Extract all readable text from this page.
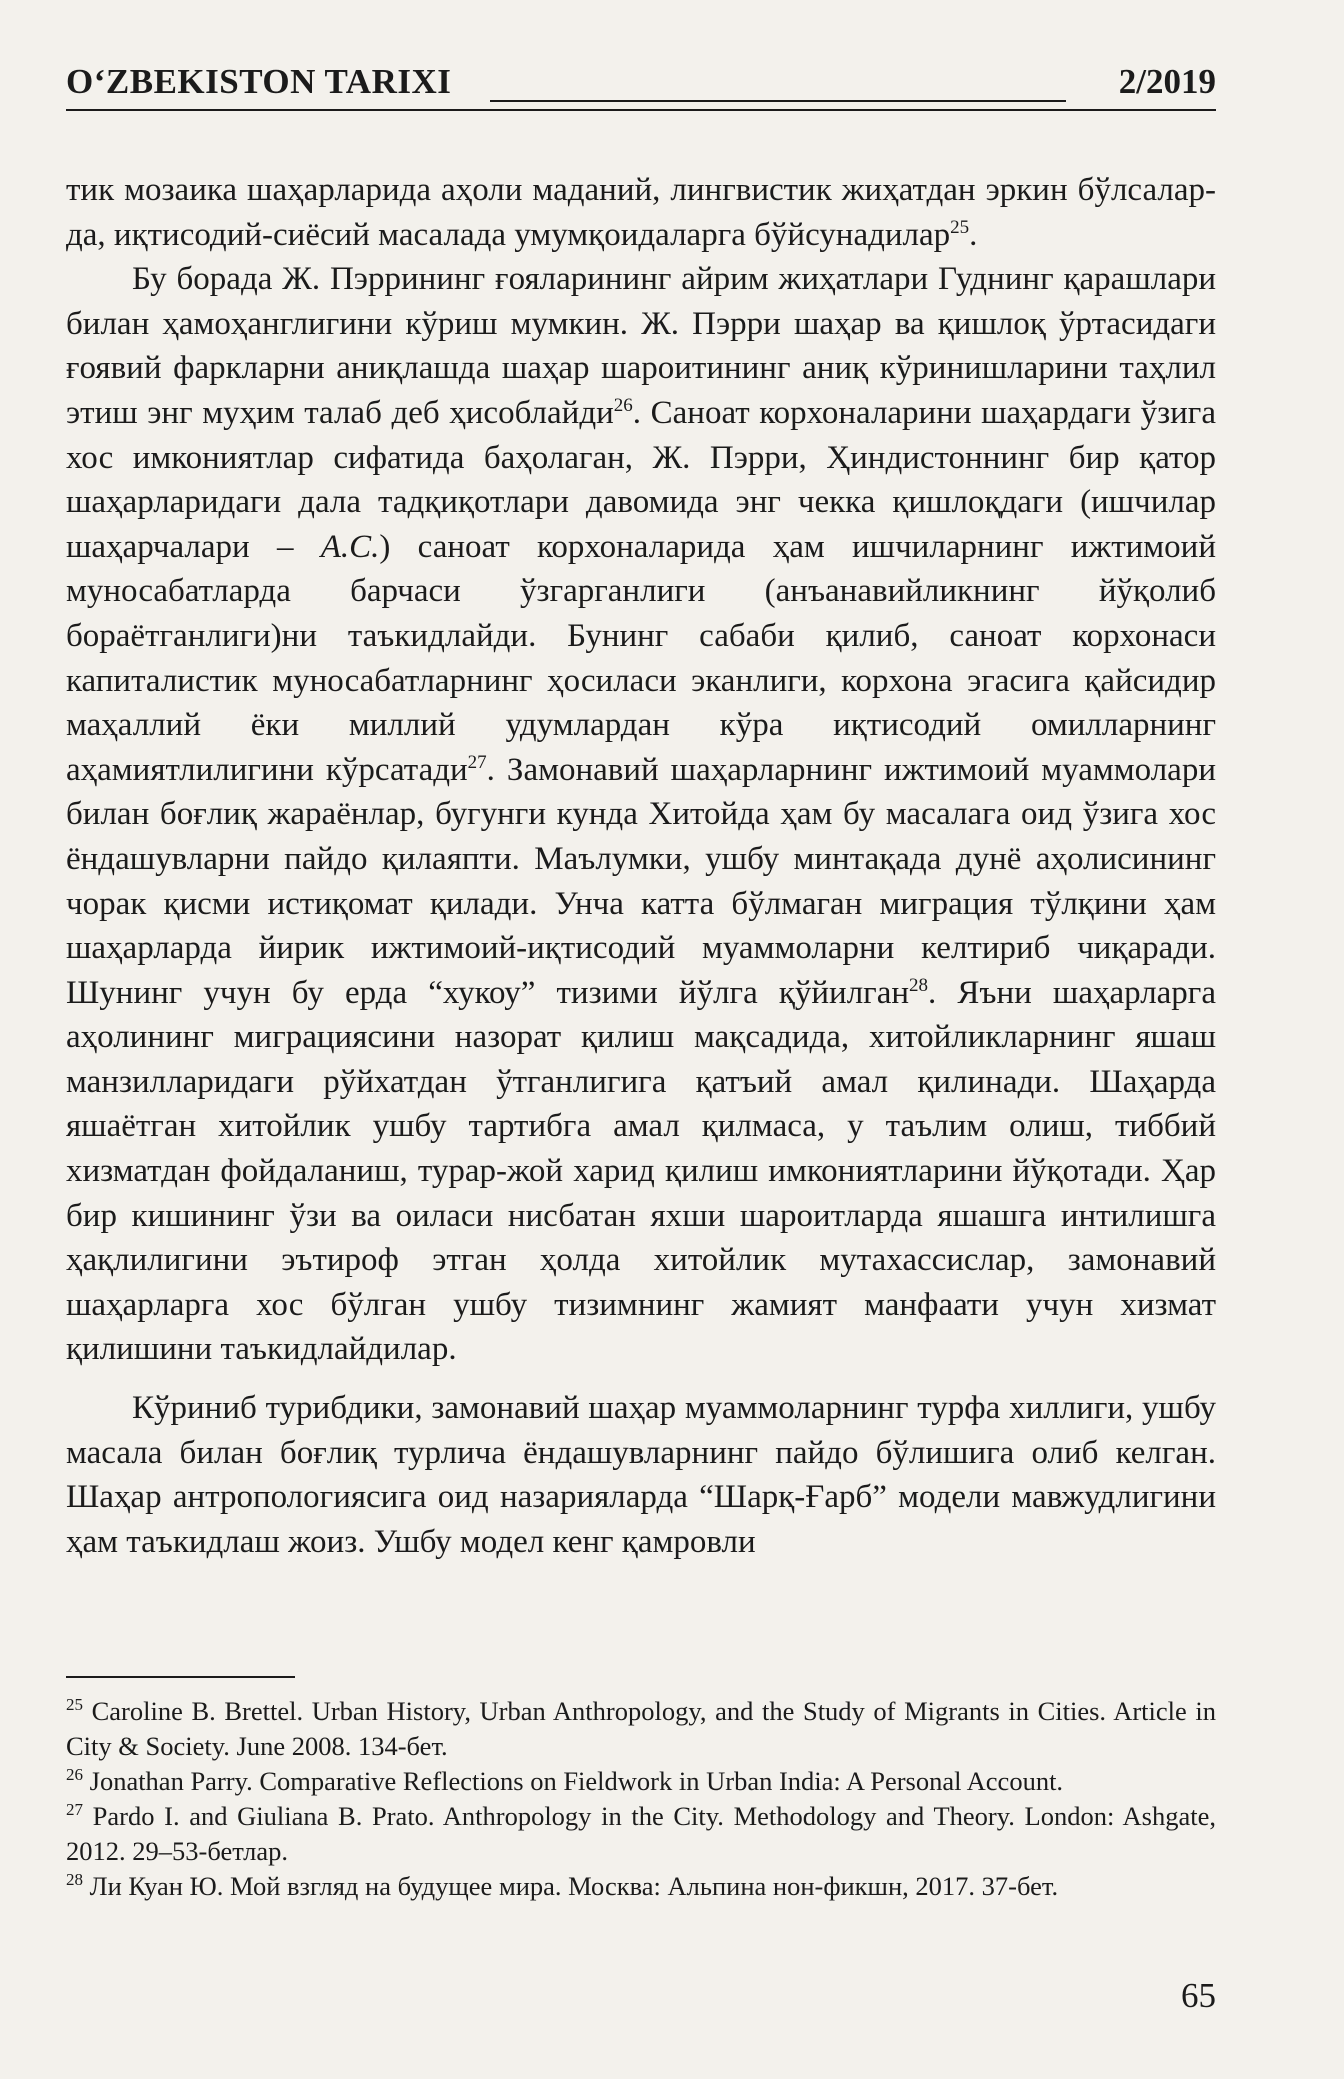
O‘ZBEKISTON TARIXI	2/2019

тик мозаика шаҳарларида аҳоли маданий, лингвистик жиҳатдан эркин бўлсалар-да, иқтисодий-сиёсий масалада умумқоидаларга бўйсунадилар$^{25}$.

Бу борада Ж. Пэррининг ғояларининг айрим жиҳатлари Гуднинг қарашлари билан ҳамоҳанглигини кўриш мумкин. Ж. Пэрри шаҳар ва қишлоқ ўртасидаги ғоявий фаркларни аниқлашда шаҳар шароитининг аниқ кўринишларини таҳлил этиш энг муҳим талаб деб ҳисоблайди$^{26}$. Саноат корхоналарини шаҳардаги ўзига хос имкониятлар сифатида баҳолаган, Ж. Пэрри, Ҳиндистоннинг бир қатор шаҳарларидаги дала тадқиқотлари давомида энг чекка қишлоқдаги (ишчилар шаҳарчалари – А.С.) саноат корхоналарида ҳам ишчиларнинг ижтимоий муносабатларда барчаси ўзгарганлиги (анъанавийликнинг йўқолиб бораётганлиги)ни таъкидлайди. Бунинг сабаби қилиб, саноат корхонаси капиталистик муносабатларнинг ҳосиласи эканлиги, корхона эгасига қайсидир маҳаллий ёки миллий удумлардан кўра иқтисодий омилларнинг аҳамиятлилигини кўрсатади$^{27}$. Замонавий шаҳарларнинг ижтимоий муаммолари билан боғлиқ жараёнлар, бугунги кунда Хитойда ҳам бу масалага оид ўзига хос ёндашувларни пайдо қилаяпти. Маълумки, ушбу минтақада дунё аҳолисининг чорак қисми истиқомат қилади. Унча катта бўлмаган миграция тўлқини ҳам шаҳарларда йирик ижтимоий-иқтисодий муаммоларни келтириб чиқаради. Шунинг учун бу ерда “хукоу” тизими йўлга қўйилган$^{28}$. Яъни шаҳарларга аҳолининг миграциясини назорат қилиш мақсадида, хитойликларнинг яшаш манзилларидаги рўйхатдан ўтганлигига қатъий амал қилинади. Шаҳарда яшаётган хитойлик ушбу тартибга амал қилмаса, у таълим олиш, тиббий хизматдан фойдаланиш, турар-жой харид қилиш имкониятларини йўқотади. Ҳар бир кишининг ўзи ва оиласи нисбатан яхши шароитларда яшашга интилишга ҳақлилигини эътироф этган ҳолда хитойлик мутахассислар, замонавий шаҳарларга хос бўлган ушбу тизимнинг жамият манфаати учун хизмат қилишини таъкидлайдилар.

Кўриниб турибдики, замонавий шаҳар муаммоларнинг турфа хиллиги, ушбу масала билан боғлиқ турлича ёндашувларнинг пайдо бўлишига олиб келган. Шаҳар антропологиясига оид назарияларда “Шарқ-Ғарб” модели мавжудлигини ҳам таъкидлаш жоиз. Ушбу модел кенг қамровли

$^{25}$ Caroline B. Brettel. Urban History, Urban Anthropology, and the Study of Migrants in Cities. Article in City & Society. June 2008. 134-бет.

$^{26}$ Jonathan Parry. Comparative Reflections on Fieldwork in Urban India: A Personal Account.

$^{27}$ Pardo I. and Giuliana B. Prato. Anthropology in the City. Methodology and Theory. London: Ashgate, 2012. 29–53-бетлар.

$^{28}$ Ли Куан Ю. Мой взгляд на будущее мира. Москва: Альпина нон-фикшн, 2017. 37-бет.

65
